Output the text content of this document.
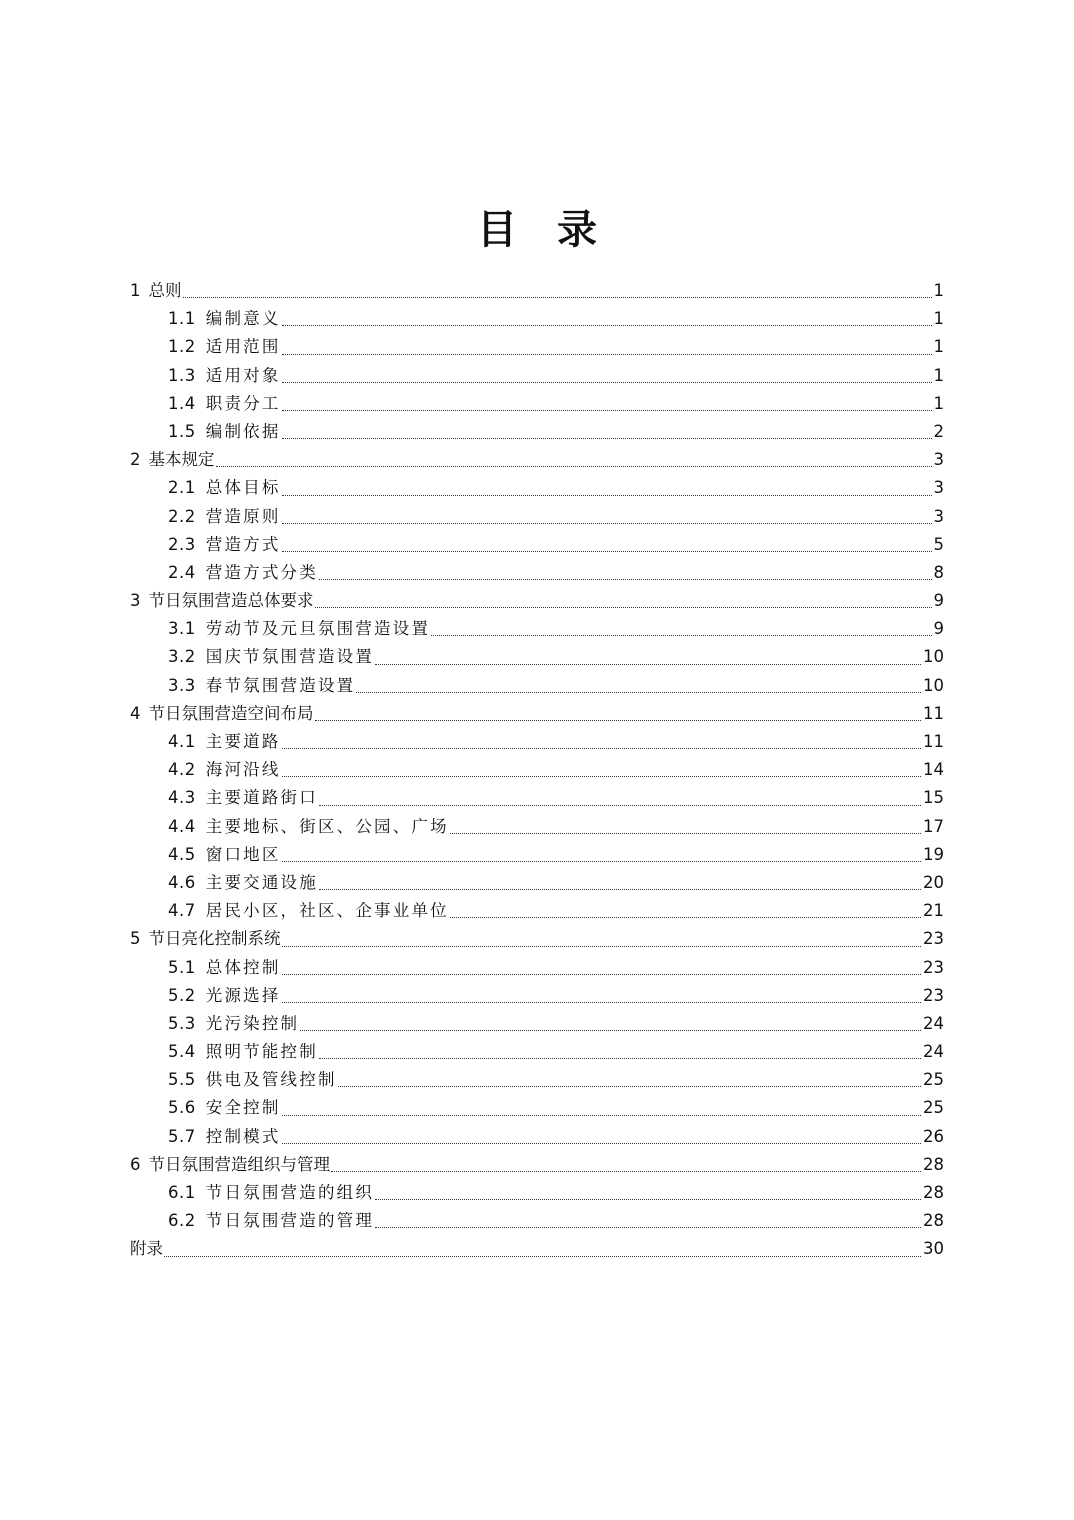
目　录
1 总则	1
1.1 编制意义	1
1.2 适用范围	1
1.3 适用对象	1
1.4 职责分工	1
1.5 编制依据	2
2 基本规定	3
2.1 总体目标	3
2.2 营造原则	3
2.3 营造方式	5
2.4 营造方式分类	8
3 节日氛围营造总体要求	9
3.1 劳动节及元旦氛围营造设置	9
3.2 国庆节氛围营造设置	10
3.3 春节氛围营造设置	10
4 节日氛围营造空间布局	11
4.1 主要道路	11
4.2 海河沿线	14
4.3 主要道路街口	15
4.4 主要地标、街区、公园、广场	17
4.5 窗口地区	19
4.6 主要交通设施	20
4.7 居民小区，社区、企事业单位	21
5 节日亮化控制系统	23
5.1 总体控制	23
5.2 光源选择	23
5.3 光污染控制	24
5.4 照明节能控制	24
5.5 供电及管线控制	25
5.6 安全控制	25
5.7 控制模式	26
6 节日氛围营造组织与管理	28
6.1 节日氛围营造的组织	28
6.2 节日氛围营造的管理	28
附录	30
